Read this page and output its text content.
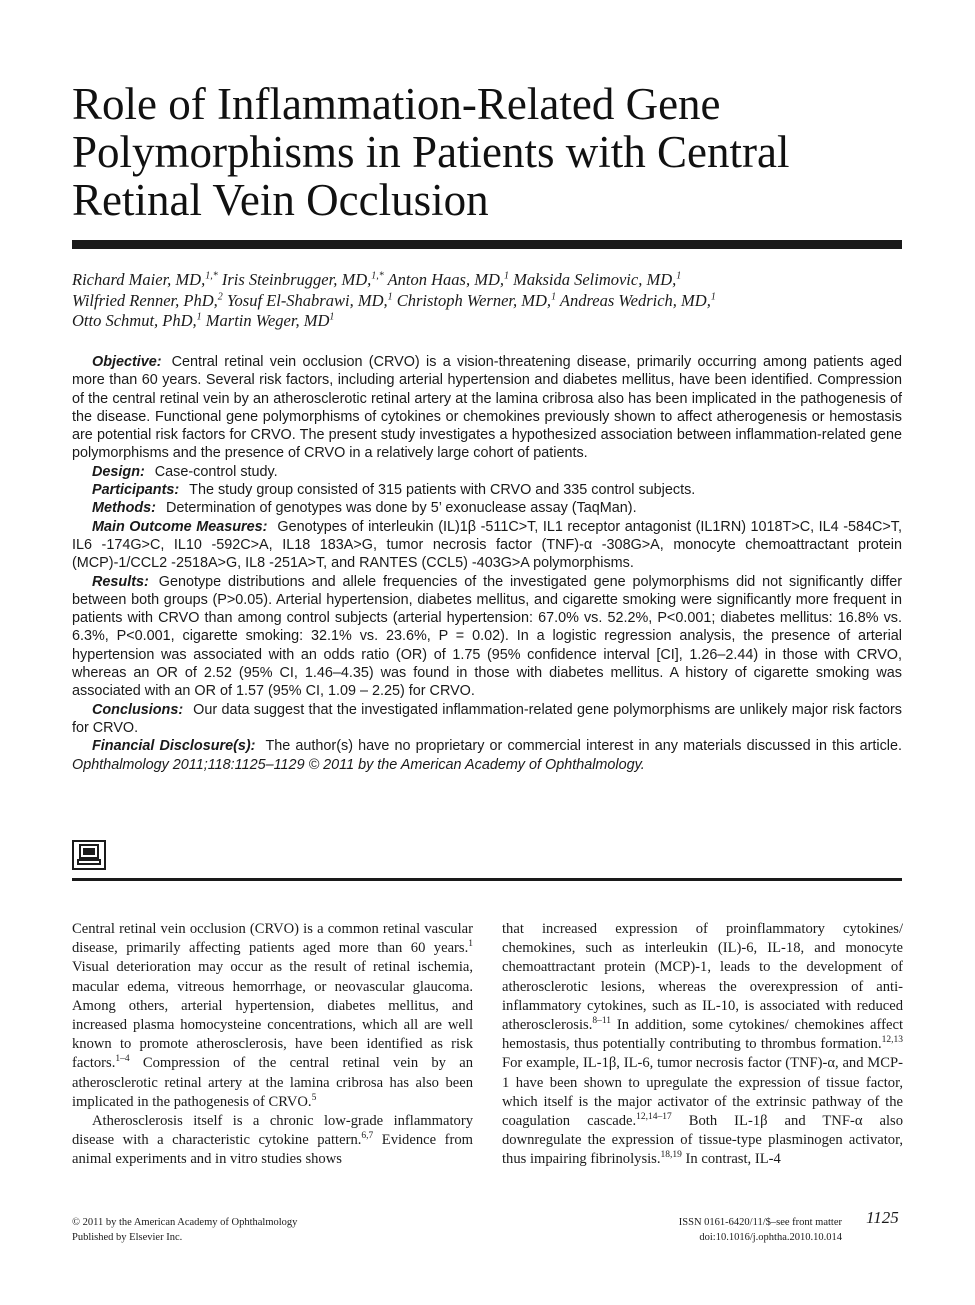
Role of Inflammation-Related Gene Polymorphisms in Patients with Central Retinal Vein Occlusion
Richard Maier, MD,$^{1,*}$ Iris Steinbrugger, MD,$^{1,*}$ Anton Haas, MD,$^1$ Maksida Selimovic, MD,$^1$
Wilfried Renner, PhD,$^2$ Yosuf El-Shabrawi, MD,$^1$ Christoph Werner, MD,$^1$ Andreas Wedrich, MD,$^1$
Otto Schmut, PhD,$^1$ Martin Weger, $MD^1$

Objective: Central retinal vein occlusion (CRVO) is a vision-threatening disease, primarily occurring among patients aged more than 60 years. Several risk factors, including arterial hypertension and diabetes mellitus, have been identified. Compression of the central retinal vein by an atherosclerotic retinal artery at the lamina cribrosa also has been implicated in the pathogenesis of the disease. Functional gene polymorphisms of cytokines or chemokines previously shown to affect atherogenesis or hemostasis are potential risk factors for CRVO. The present study investigates a hypothesized association between inflammation-related gene polymorphisms and the presence of CRVO in a relatively large cohort of patients.

Design: Case-control study.

Participants: The study group consisted of 315 patients with CRVO and 335 control subjects.

Methods: Determination of genotypes was done by 5’ exonuclease assay (TaqMan).

Main Outcome Measures: Genotypes of interleukin (IL)1β -511C>T, IL1 receptor antagonist (IL1RN) 1018T>C, IL4 -584C>T, IL6 -174G>C, IL10 -592C>A, IL18 183A>G, tumor necrosis factor (TNF)-α -308G>A, monocyte chemoattractant protein (MCP)-1/CCL2 -2518A>G, IL8 -251A>T, and RANTES (CCL5) -403G>A polymorphisms.

Results: Genotype distributions and allele frequencies of the investigated gene polymorphisms did not significantly differ between both groups (P>0.05). Arterial hypertension, diabetes mellitus, and cigarette smoking were significantly more frequent in patients with CRVO than among control subjects (arterial hypertension: 67.0% vs. 52.2%, P<0.001; diabetes mellitus: 16.8% vs. 6.3%, P<0.001, cigarette smoking: 32.1% vs. 23.6%, P = 0.02). In a logistic regression analysis, the presence of arterial hypertension was associated with an odds ratio (OR) of 1.75 (95% confidence interval [CI], 1.26–2.44) in those with CRVO, whereas an OR of 2.52 (95% CI, 1.46–4.35) was found in those with diabetes mellitus. A history of cigarette smoking was associated with an OR of 1.57 (95% CI, 1.09 – 2.25) for CRVO.

Conclusions: Our data suggest that the investigated inflammation-related gene polymorphisms are unlikely major risk factors for CRVO.

Financial Disclosure(s): The author(s) have no proprietary or commercial interest in any materials discussed in this article. Ophthalmology 2011;118:1125–1129 © 2011 by the American Academy of Ophthalmology.

Central retinal vein occlusion (CRVO) is a common retinal vascular disease, primarily affecting patients aged more than 60 years.$^1$ Visual deterioration may occur as the result of retinal ischemia, macular edema, vitreous hemorrhage, or neovascular glaucoma. Among others, arterial hypertension, diabetes mellitus, and increased plasma homocysteine concentrations, which all are well known to promote atherosclerosis, have been identified as risk factors.$^{1-4}$ Compression of the central retinal vein by an atherosclerotic retinal artery at the lamina cribrosa has also been implicated in the pathogenesis of CRVO.$^5$

Atherosclerosis itself is a chronic low-grade inflammatory disease with a characteristic cytokine pattern.$^{6,7}$ Evidence from animal experiments and in vitro studies shows

that increased expression of proinflammatory cytokines/ chemokines, such as interleukin (IL)-6, IL-18, and monocyte chemoattractant protein (MCP)-1, leads to the development of atherosclerotic lesions, whereas the overexpression of anti-inflammatory cytokines, such as IL-10, is associated with reduced atherosclerosis.$^{8-11}$ In addition, some cytokines/ chemokines affect hemostasis, thus potentially contributing to thrombus formation.$^{12,13}$ For example, IL-1β, IL-6, tumor necrosis factor (TNF)-α, and MCP-1 have been shown to upregulate the expression of tissue factor, which itself is the major activator of the extrinsic pathway of the coagulation cascade.$^{12,14-17}$ Both IL-1β and TNF-α also downregulate the expression of tissue-type plasminogen activator, thus impairing fibrinolysis.$^{18,19}$ In contrast, IL-4

© 2011 by the American Academy of Ophthalmology
Published by Elsevier Inc.
ISSN 0161-6420/11/$–see front matter
doi:10.1016/j.ophtha.2010.10.014
1125
